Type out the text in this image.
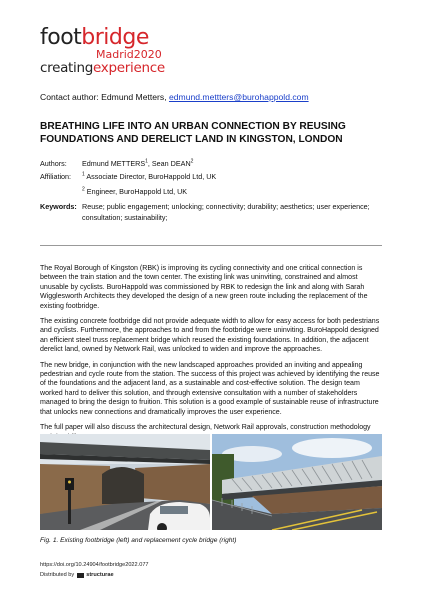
footbridge
Madrid2020
creatingexperience
Contact author: Edmund Metters, edmund.mettters@burohappold.com
BREATHING LIFE INTO AN URBAN CONNECTION BY REUSING FOUNDATIONS AND DERELICT LAND IN KINGSTON, LONDON
Authors:	Edmund METTERS$^1$, Sean DEAN$^2$
Affiliation:	$^1$ Associate Director, BuroHappold Ltd, UK
$^2$ Engineer, BuroHappold Ltd, UK
Keywords: Reuse; public engagement; unlocking; connectivity; durability; aesthetics; user experience; consultation; sustainability;

The Royal Borough of Kingston (RBK) is improving its cycling connectivity and one critical connection is between the train station and the town center. The existing link was uninviting, constrained and almost unusable by cyclists. BuroHappold was commissioned by RBK to redesign the link and along with Sarah Wigglesworth Architects they developed the design of a new green route including the replacement of the existing footbridge.

The existing concrete footbridge did not provide adequate width to allow for easy access for both pedestrians and cyclists. Furthermore, the approaches to and from the footbridge were uninviting. BuroHappold designed an efficient steel truss replacement bridge which reused the existing foundations. In addition, the adjacent derelict land, owned by Network Rail, was unlocked to widen and improve the approaches.

The new bridge, in conjunction with the new landscaped approaches provided an inviting and appealing pedestrian and cycle route from the station. The success of this project was achieved by identifying the reuse of the foundations and the adjacent land, as a sustainable and cost-effective solution. The design team worked hard to deliver this solution, and through extensive consultation with a number of stakeholders managed to bring the design to fruition. This solution is a good example of sustainable reuse of infrastructure that unlocks new connections and dramatically improves the user experience.

The full paper will also discuss the architectural design, Network Rail approvals, construction methodology

Fig. 1. Existing footbridge (left) and replacement cycle bridge (right)
https://doi.org/10.24904/footbridge2022.077
Distributed by structurae
